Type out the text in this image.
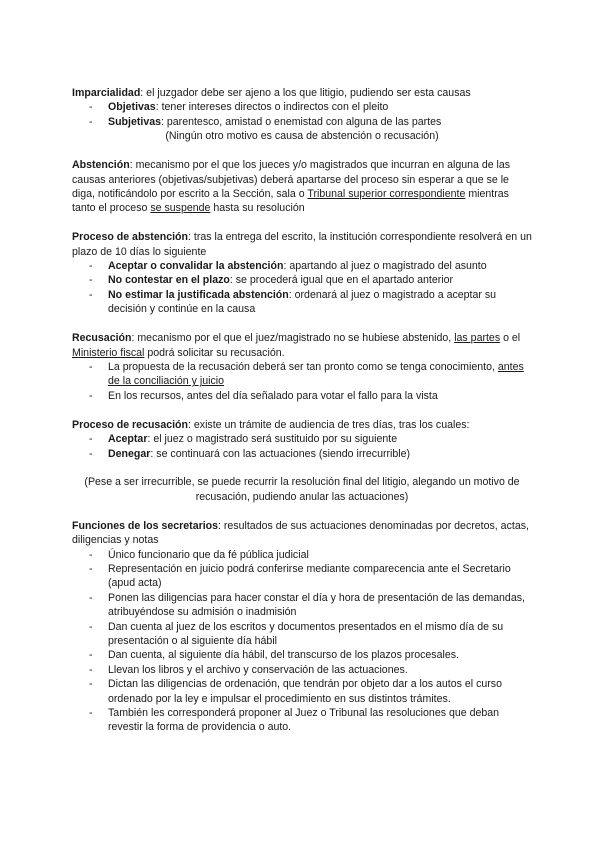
Imparcialidad: el juzgador debe ser ajeno a los que litigio, pudiendo ser esta causas

- Objetivas: tener intereses directos o indirectos con el pleito
- Subjetivas: parentesco, amistad o enemistad con alguna de las partes

(Ningún otro motivo es causa de abstención o recusación)

Abstención: mecanismo por el que los jueces y/o magistrados que incurran en alguna de las causas anteriores (objetivas/subjetivas) deberá apartarse del proceso sin esperar a que se le diga, notificándolo por escrito a la Sección, sala o Tribunal superior correspondiente mientras tanto el proceso se suspende hasta su resolución

Proceso de abstención: tras la entrega del escrito, la institución correspondiente resolverá en un plazo de 10 días lo siguiente

- Aceptar o convalidar la abstención: apartando al juez o magistrado del asunto
- No contestar en el plazo: se procederá igual que en el apartado anterior
- No estimar la justificada abstención: ordenará al juez o magistrado a aceptar su decisión y continúe en la causa

Recusación: mecanismo por el que el juez/magistrado no se hubiese abstenido, las partes o el Ministerio fiscal podrá solicitar su recusación.

- La propuesta de la recusación deberá ser tan pronto como se tenga conocimiento, antes de la conciliación y juicio
- En los recursos, antes del día señalado para votar el fallo para la vista

Proceso de recusación: existe un trámite de audiencia de tres días, tras los cuales:

- Aceptar: el juez o magistrado será sustituido por su siguiente
- Denegar: se continuará con las actuaciones (siendo irrecurrible)

(Pese a ser irrecurrible, se puede recurrir la resolución final del litigio, alegando un motivo de recusación, pudiendo anular las actuaciones)

Funciones de los secretarios: resultados de sus actuaciones denominadas por decretos, actas, diligencias y notas

- Único funcionario que da fé pública judicial
- Representación en juicio podrá conferirse mediante comparecencia ante el Secretario (apud acta)
- Ponen las diligencias para hacer constar el día y hora de presentación de las demandas, atribuyéndose su admisión o inadmisión
- Dan cuenta al juez de los escritos y documentos presentados en el mismo día de su presentación o al siguiente día hábil
- Dan cuenta, al siguiente día hábil, del transcurso de los plazos procesales.
- Llevan los libros y el archivo y conservación de las actuaciones.
- Dictan las diligencias de ordenación, que tendrán por objeto dar a los autos el curso ordenado por la ley e impulsar el procedimiento en sus distintos trámites.
- También les corresponderá proponer al Juez o Tribunal las resoluciones que deban revestir la forma de providencia o auto.
